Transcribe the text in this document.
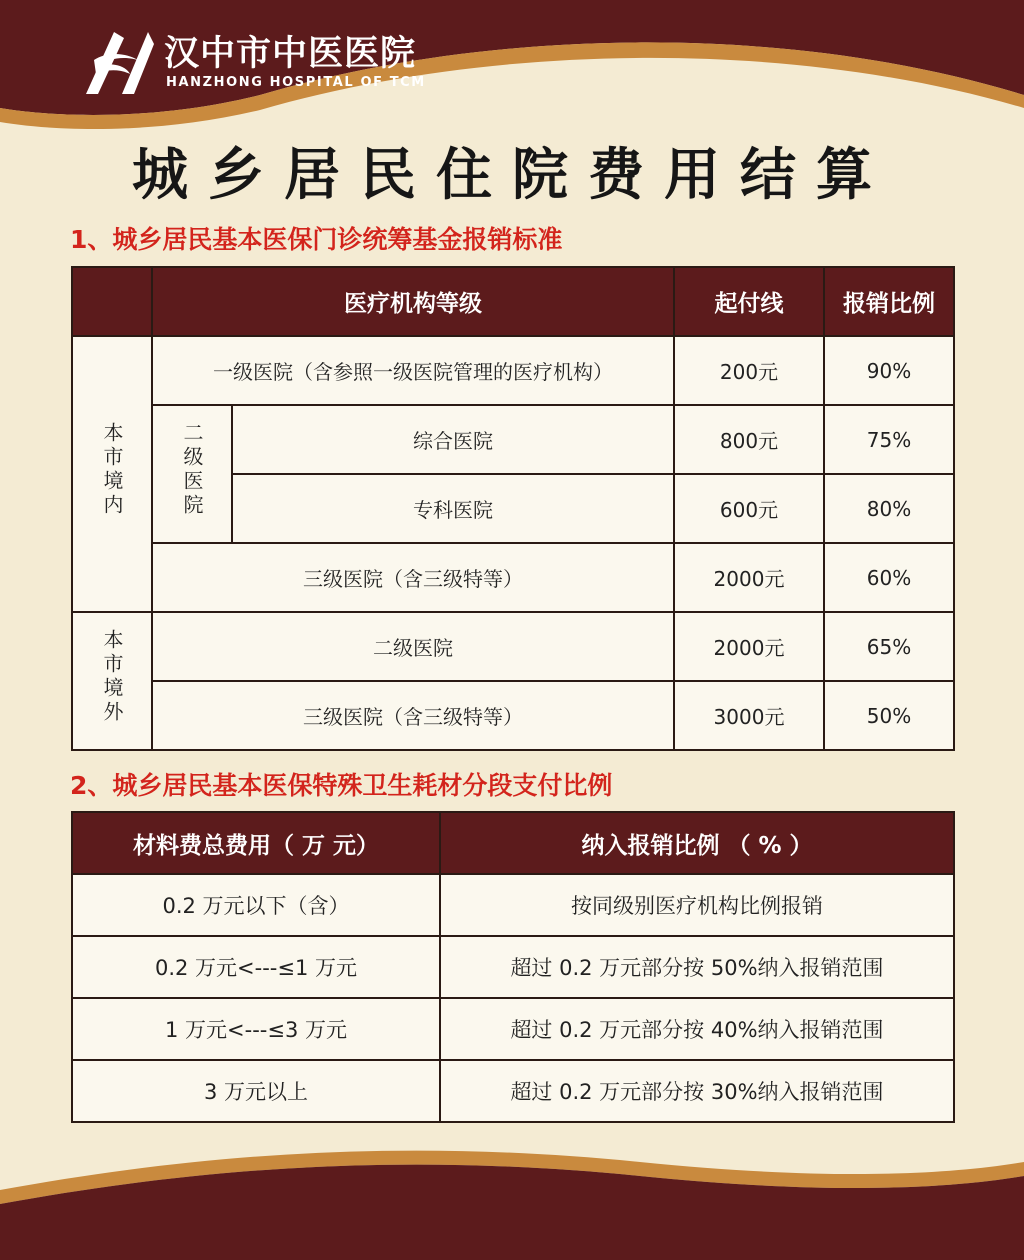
汉中市中医医院
HANZHONG HOSPITAL OF TCM
城乡居民住院费用结算
1、城乡居民基本医保门诊统筹基金报销标准
	医疗机构等级		起付线	报销比例
本市境内	一级医院（含参照一级医院管理的医疗机构）		200元	90%
	二级医院	综合医院	800元	75%
		专科医院	600元	80%
	三级医院（含三级特等）		2000元	60%
本市境外	二级医院		2000元	65%
	三级医院（含三级特等）		3000元	50%
2、城乡居民基本医保特殊卫生耗材分段支付比例
材料费总费用（ 万 元）	纳入报销比例 （ % ）
0.2 万元以下（含）	按同级别医疗机构比例报销
0.2 万元<---≤1 万元	超过 0.2 万元部分按 50%纳入报销范围
1 万元<---≤3 万元	超过 0.2 万元部分按 40%纳入报销范围
3 万元以上	超过 0.2 万元部分按 30%纳入报销范围
